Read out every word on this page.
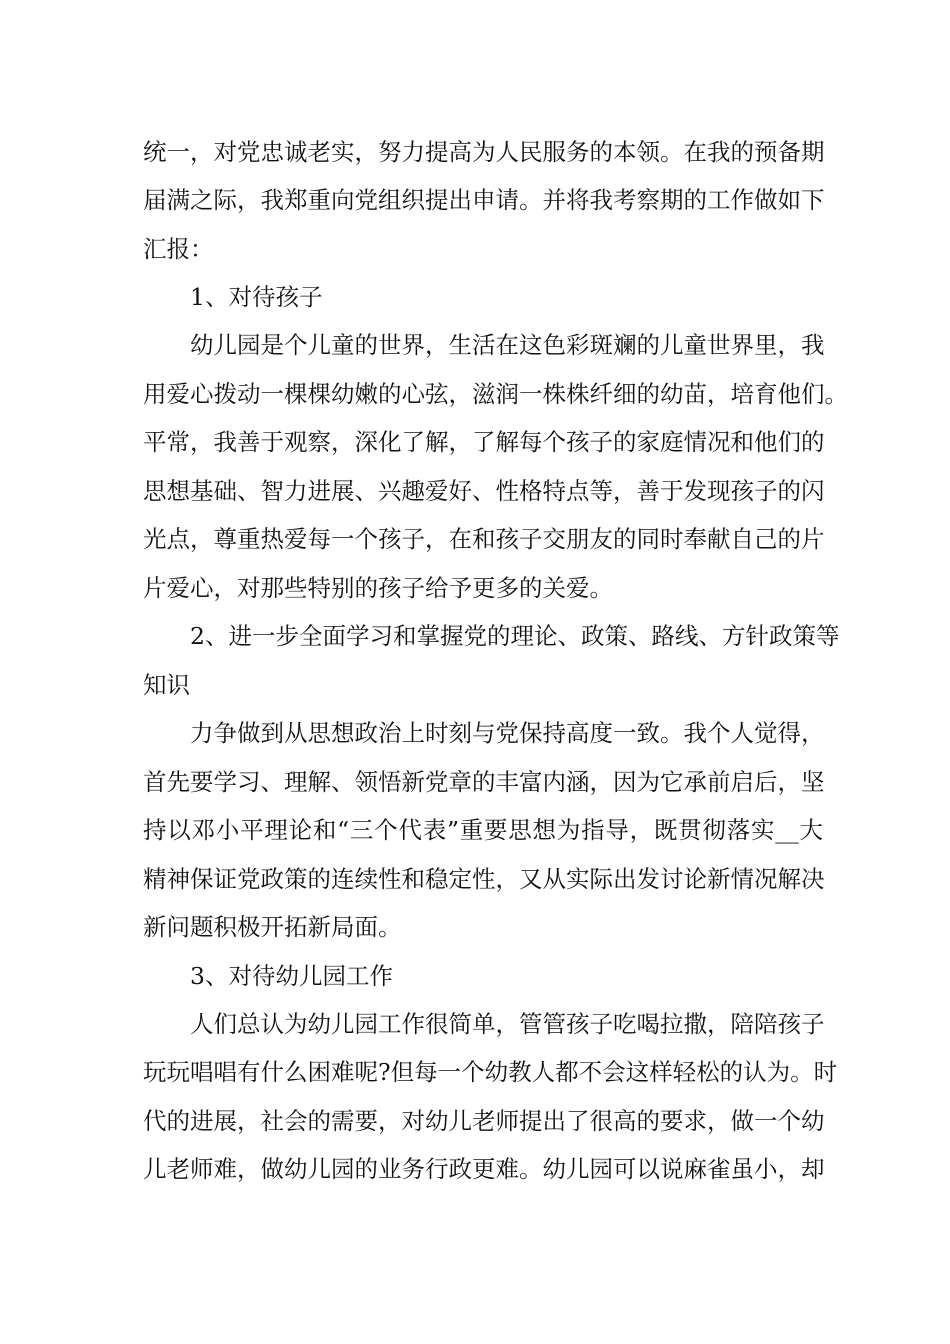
统一，对党忠诚老实，努力提高为人民服务的本领。在我的预备期
届满之际，我郑重向党组织提出申请。并将我考察期的工作做如下
汇报：
1、对待孩子
幼儿园是个儿童的世界，生活在这色彩斑斓的儿童世界里，我
用爱心拨动一棵棵幼嫩的心弦，滋润一株株纤细的幼苗，培育他们。
平常，我善于观察，深化了解，了解每个孩子的家庭情况和他们的
思想基础、智力进展、兴趣爱好、性格特点等，善于发现孩子的闪
光点，尊重热爱每一个孩子，在和孩子交朋友的同时奉献自己的片
片爱心，对那些特别的孩子给予更多的关爱。
2、进一步全面学习和掌握党的理论、政策、路线、方针政策等
知识
力争做到从思想政治上时刻与党保持高度一致。我个人觉得，
首先要学习、理解、领悟新党章的丰富内涵，因为它承前启后，坚
持以邓小平理论和“三个代表”重要思想为指导，既贯彻落实__大
精神保证党政策的连续性和稳定性，又从实际出发讨论新情况解决
新问题积极开拓新局面。
3、对待幼儿园工作
人们总认为幼儿园工作很简单，管管孩子吃喝拉撒，陪陪孩子
玩玩唱唱有什么困难呢?但每一个幼教人都不会这样轻松的认为。时
代的进展，社会的需要，对幼儿老师提出了很高的要求，做一个幼
儿老师难，做幼儿园的业务行政更难。幼儿园可以说麻雀虽小，却
